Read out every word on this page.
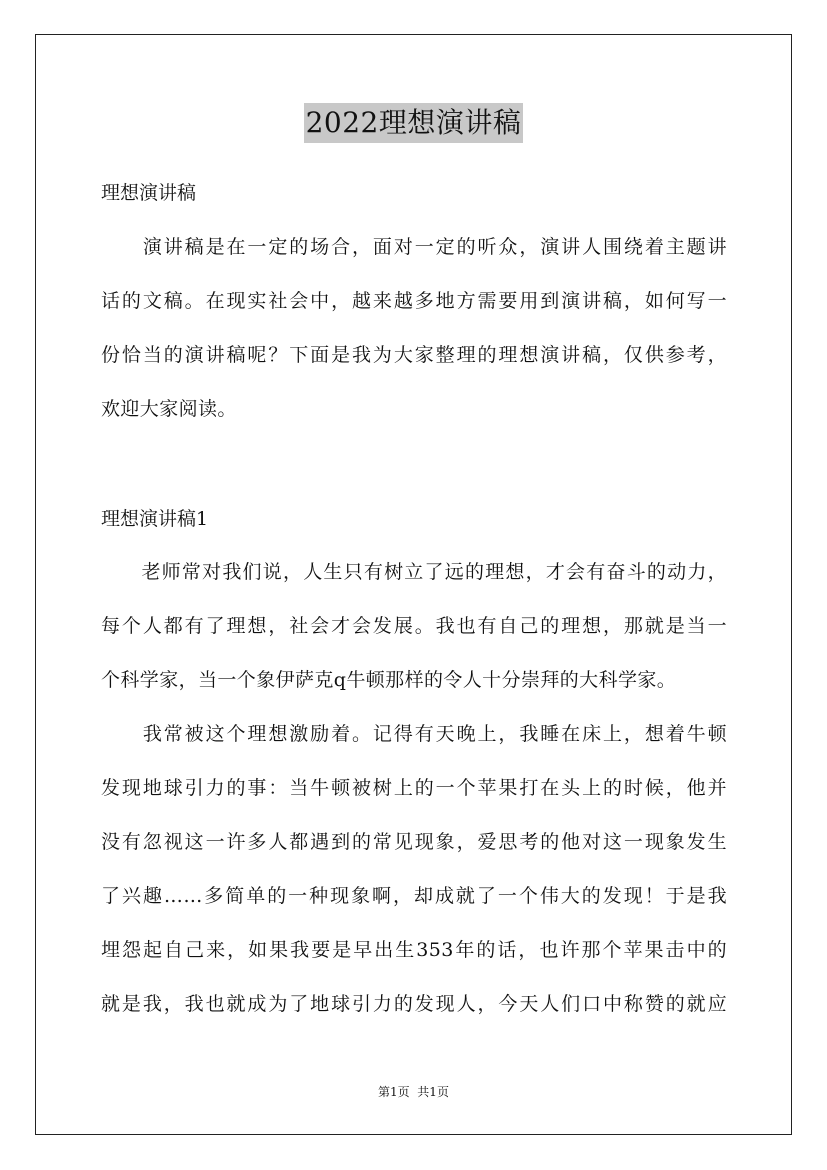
2022理想演讲稿
理想演讲稿
　　演讲稿是在一定的场合，面对一定的听众，演讲人围绕着主题讲
话的文稿。在现实社会中，越来越多地方需要用到演讲稿，如何写一
份恰当的演讲稿呢？下面是我为大家整理的理想演讲稿，仅供参考，
欢迎大家阅读。
理想演讲稿1
　　老师常对我们说，人生只有树立了远的理想，才会有奋斗的动力，
每个人都有了理想，社会才会发展。我也有自己的理想，那就是当一
个科学家，当一个象伊萨克q牛顿那样的令人十分崇拜的大科学家。
　　我常被这个理想激励着。记得有天晚上，我睡在床上，想着牛顿
发现地球引力的事：当牛顿被树上的一个苹果打在头上的时候，他并
没有忽视这一许多人都遇到的常见现象，爱思考的他对这一现象发生
了兴趣……多简单的一种现象啊，却成就了一个伟大的发现！于是我
埋怨起自己来，如果我要是早出生353年的话，也许那个苹果击中的
就是我，我也就成为了地球引力的发现人，今天人们口中称赞的就应
第1页  共1页
